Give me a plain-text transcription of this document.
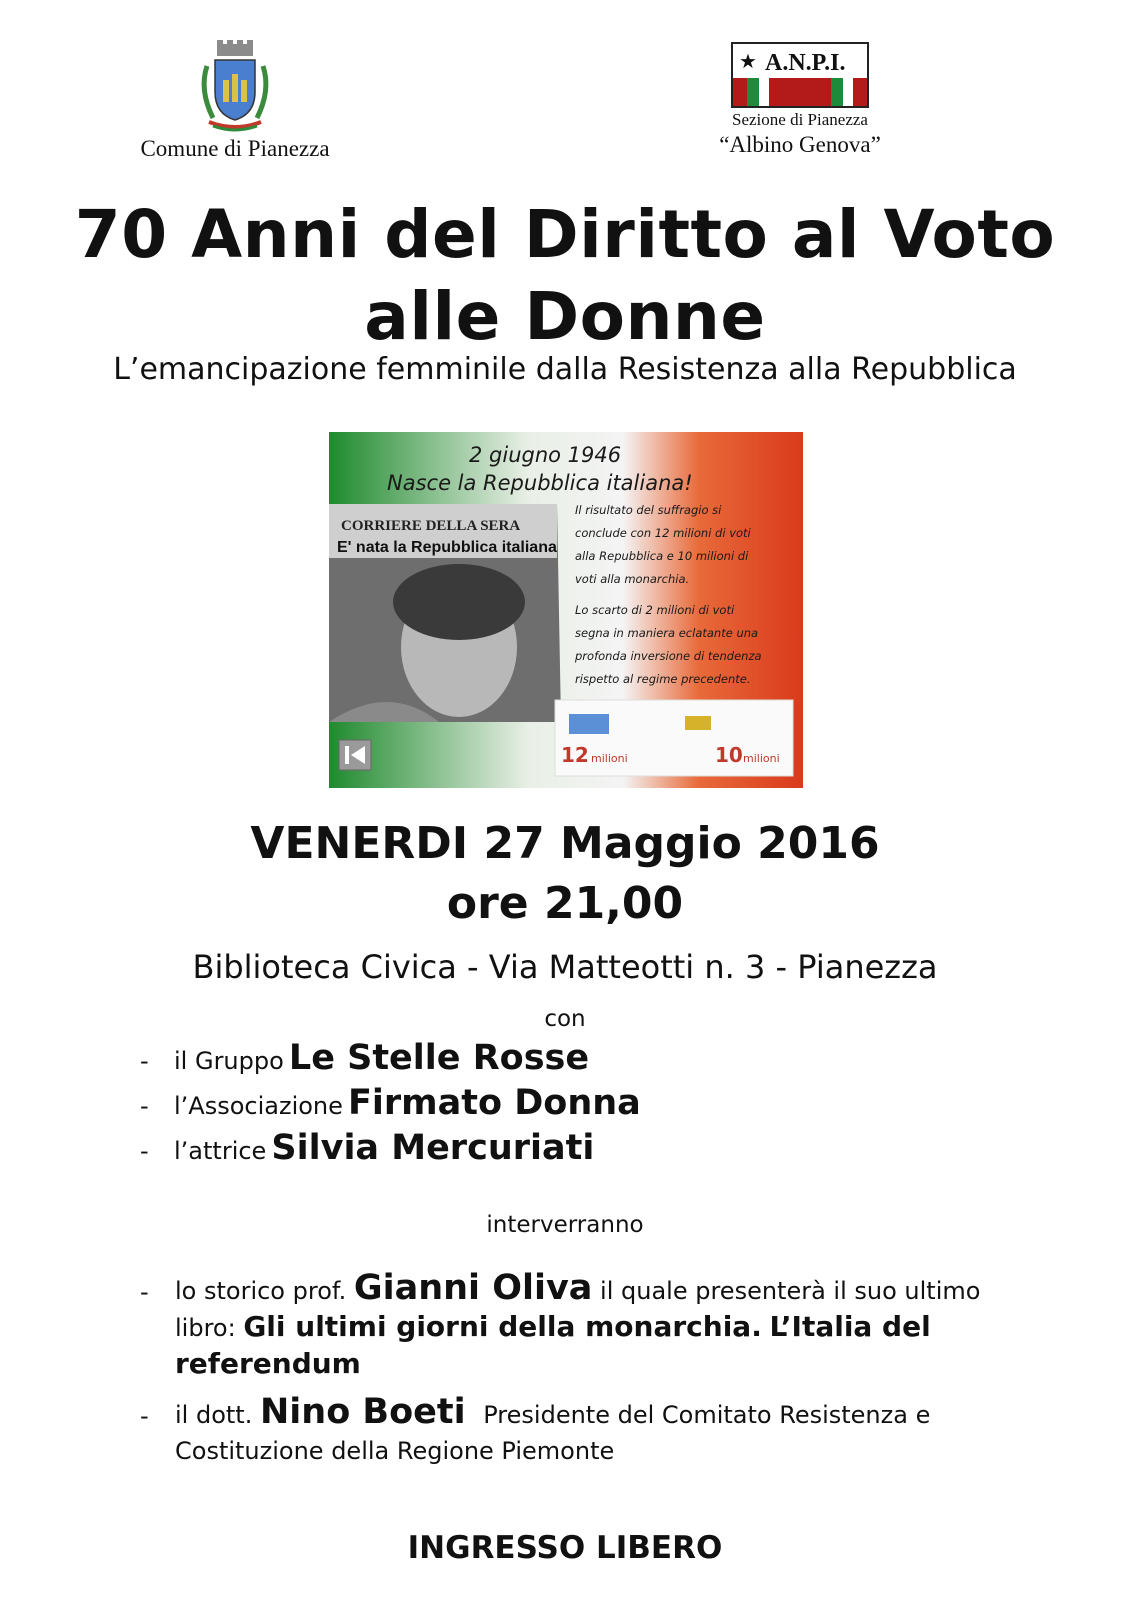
Comune di Pianezza
★ A.N.P.I.
Sezione di Pianezza
“Albino Genova”
70 Anni del Diritto al Voto
alle Donne
L’emancipazione femminile dalla Resistenza alla Repubblica
CORRIERE DELLA SERA
E' nata la Repubblica italiana
2 giugno 1946
Nasce la Repubblica italiana!
Il risultato del suffragio si
conclude con 12 milioni di voti
alla Repubblica e 10 milioni di
voti alla monarchia.
Lo scarto di 2 milioni di voti
segna in maniera eclatante una
profonda inversione di tendenza
rispetto al regime precedente.
12 milioni	10 milioni
VENERDI 27 Maggio 2016
ore 21,00
Biblioteca Civica - Via Matteotti n. 3 - Pianezza
con
- il Gruppo Le Stelle Rosse
- l’Associazione Firmato Donna
- l’attrice Silvia Mercuriati
interverranno
-	lo storico prof. Gianni Oliva il quale presenterà il suo ultimo
libro: Gli ultimi giorni della monarchia. L’Italia del
referendum
-	il dott. Nino Boeti Presidente del Comitato Resistenza e
Costituzione della Regione Piemonte
INGRESSO LIBERO
